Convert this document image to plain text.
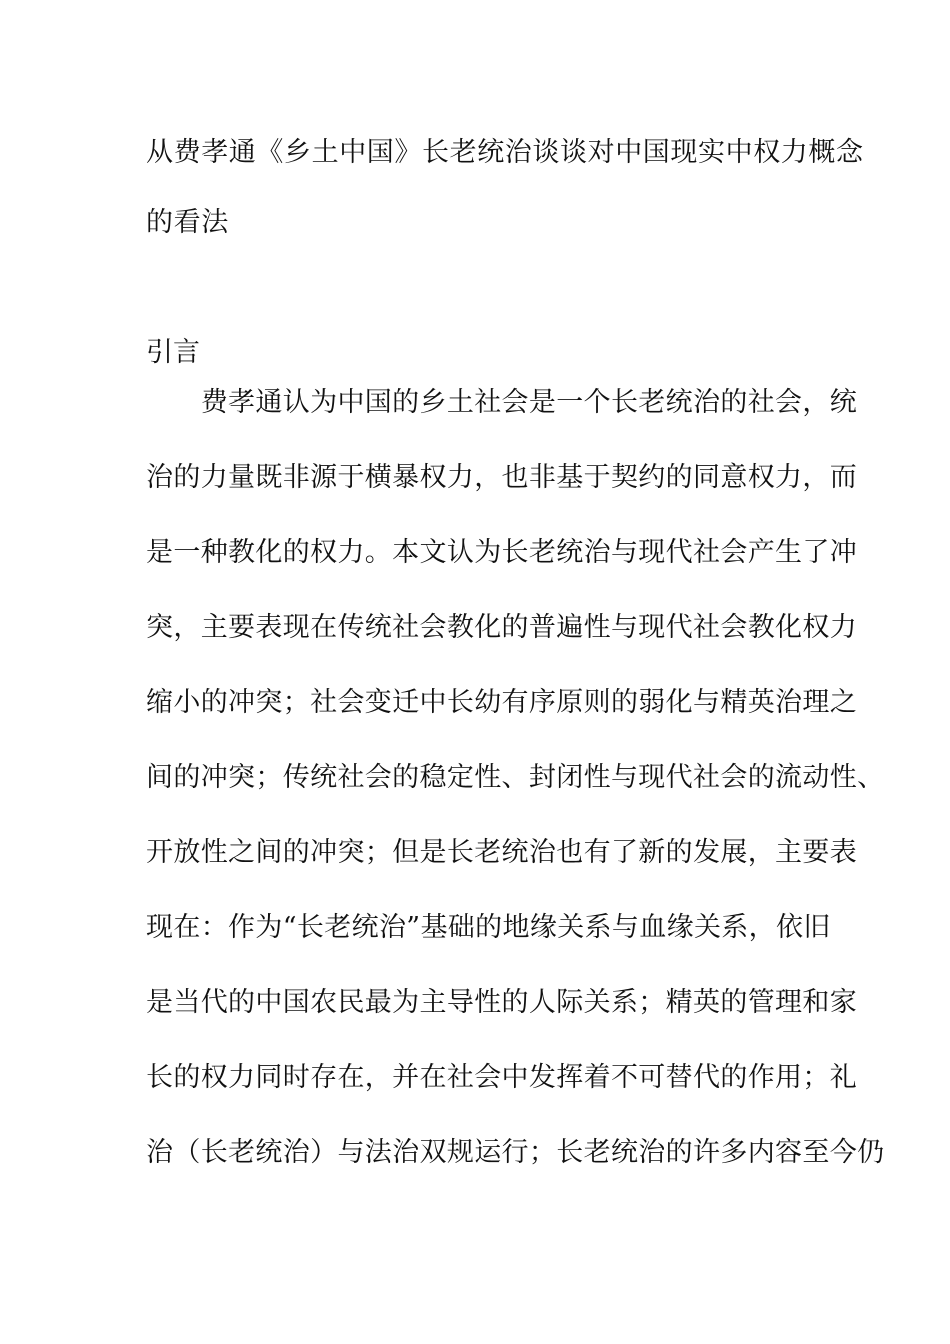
从费孝通《乡土中国》长老统治谈谈对中国现实中权力概念
的看法
引言
　　费孝通认为中国的乡土社会是一个长老统治的社会，统
治的力量既非源于横暴权力，也非基于契约的同意权力，而
是一种教化的权力。本文认为长老统治与现代社会产生了冲
突，主要表现在传统社会教化的普遍性与现代社会教化权力
缩小的冲突；社会变迁中长幼有序原则的弱化与精英治理之
间的冲突；传统社会的稳定性、封闭性与现代社会的流动性、
开放性之间的冲突；但是长老统治也有了新的发展，主要表
现在：作为“长老统治”基础的地缘关系与血缘关系，依旧
是当代的中国农民最为主导性的人际关系；精英的管理和家
长的权力同时存在，并在社会中发挥着不可替代的作用；礼
治（长老统治）与法治双规运行；长老统治的许多内容至今仍
